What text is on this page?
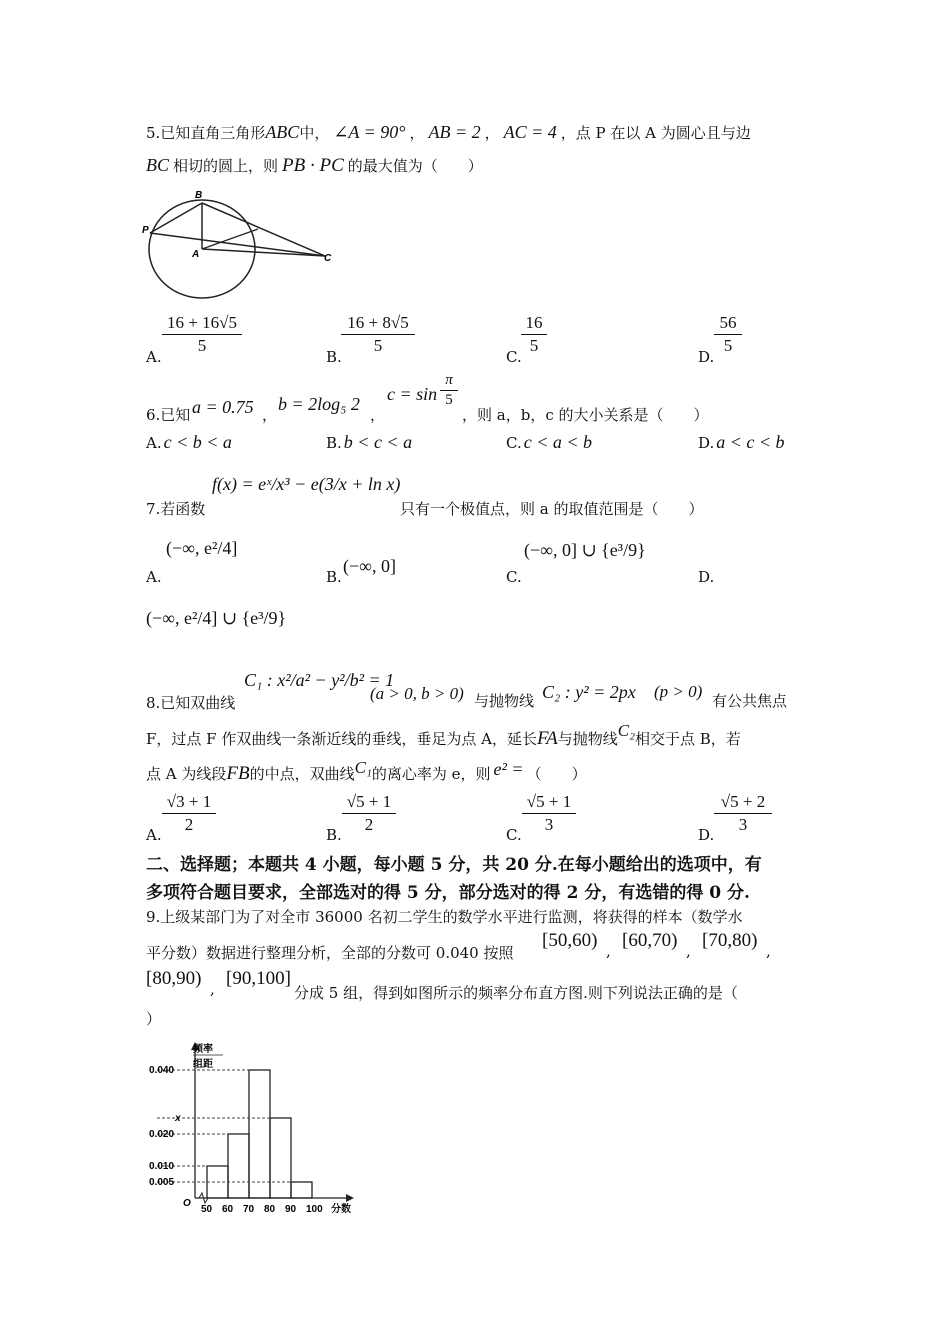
5.已知直角三角形ABC中， ∠A = 90° ， AB = 2 ， AC = 4 ，点 P 在以 A 为圆心且与边
BC 相切的圆上，则 PB · PC 的最大值为（　　）
B
P
A	C
A.
16 + 16√5
5
B.
16 + 8√5
5
C.
16
5
D.
56
5
6.已知 a = 0.75 ，
b = 2log₅ 2
，
c = sin
π
5
，则 a，b，c 的大小关系是（　　）
A. c < b < a	B. b < c < a	C. c < a < b	D. a < c < b
7.若函数
f(x) = eˣ/x³ − e(3/x + ln x)
只有一个极值点，则 a 的取值范围是（　　）
A.
(−∞, e²/4]
B.
(−∞, 0]
C.
(−∞, 0] ∪ {e³/9}
D.
(−∞, e²/4] ∪ {e³/9}
8.已知双曲线
C₁ : x²/a² − y²/b² = 1
(a > 0, b > 0) 与抛物线 C₂ : y² = 2px (p > 0) 有公共焦点
F，过点 F 作双曲线一条渐近线的垂线，垂足为点 A，延长FA与抛物线C₂相交于点 B，若
点 A 为线段FB的中点，双曲线C₁的离心率为 e，则 e² = （　　）
A.
√3 + 1
2
B.
√5 + 1
2
C.
√5 + 1
3
D.
√5 + 2
3
二、选择题；本题共 4 小题，每小题 5 分，共 20 分.在每小题给出的选项中，有
多项符合题目要求，全部选对的得 5 分，部分选对的得 2 分，有选错的得 0 分.
9.上级某部门为了对全市 36000 名初二学生的数学水平进行监测，将获得的样本（数学水
平分数）数据进行整理分析，全部的分数可 0.040 按照
[50,60) , [60,70) , [70,80) ,
[80,90) , [90,100]
分成 5 组，得到如图所示的频率分布直方图.则下列说法正确的是（
）
频率
组距
分数
O
0.010
0.020
0.040
x
0.005
50 60 70 80 90 100
